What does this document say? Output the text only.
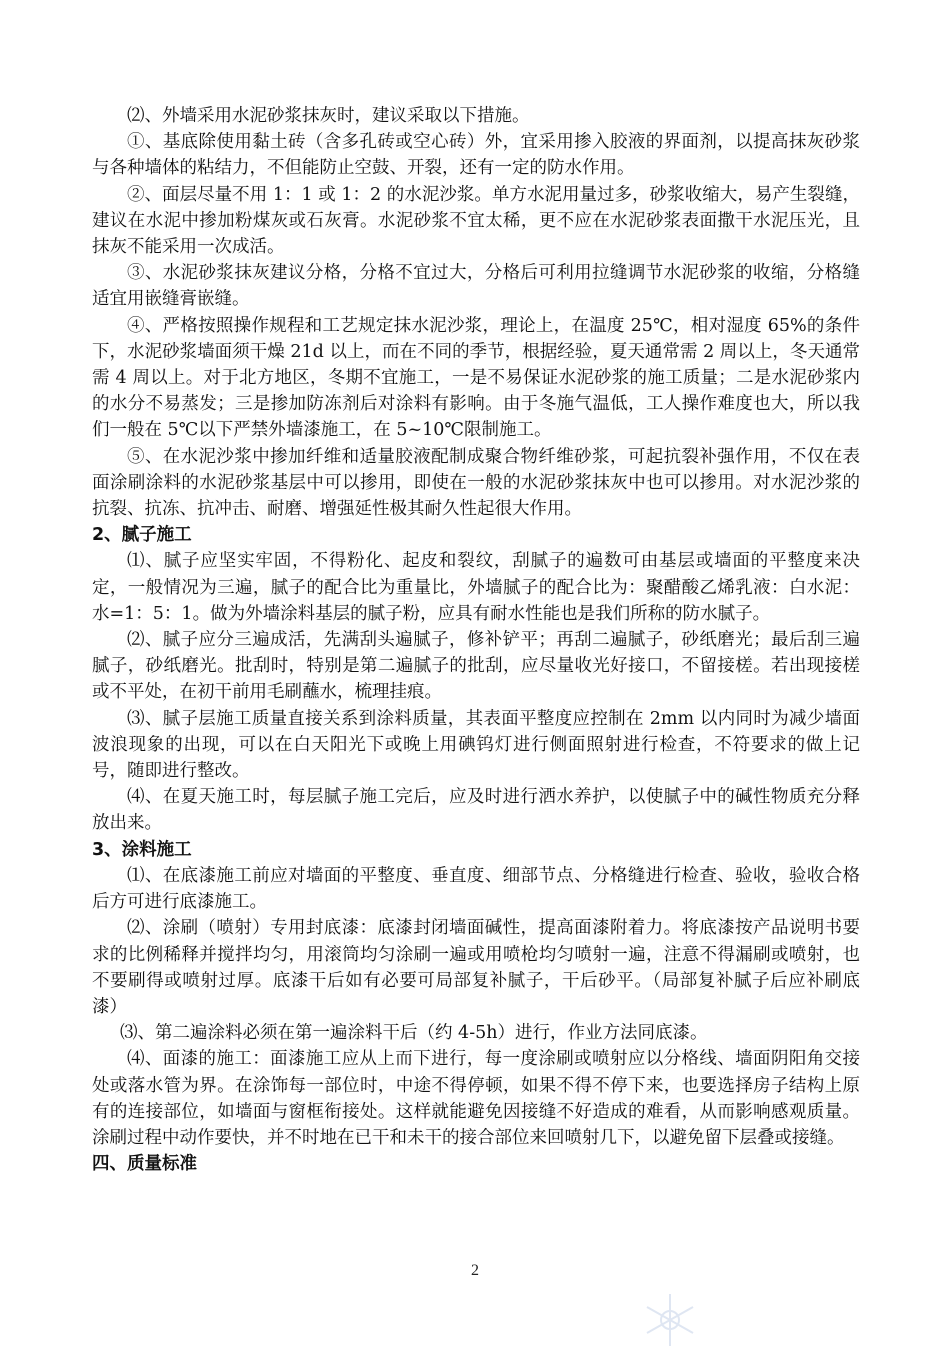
⑵、外墙采用水泥砂浆抹灰时，建议采取以下措施。

①、基底除使用黏土砖（含多孔砖或空心砖）外，宜采用掺入胶液的界面剂，以提高抹灰砂浆与各种墙体的粘结力，不但能防止空鼓、开裂，还有一定的防水作用。

②、面层尽量不用 1：1 或 1：2 的水泥沙浆。单方水泥用量过多，砂浆收缩大，易产生裂缝，建议在水泥中掺加粉煤灰或石灰膏。水泥砂浆不宜太稀，更不应在水泥砂浆表面撒干水泥压光，且抹灰不能采用一次成活。

③、水泥砂浆抹灰建议分格，分格不宜过大，分格后可利用拉缝调节水泥砂浆的收缩，分格缝适宜用嵌缝膏嵌缝。

④、严格按照操作规程和工艺规定抹水泥沙浆，理论上，在温度 25℃，相对湿度 65%的条件下，水泥砂浆墙面须干燥 21d 以上，而在不同的季节，根据经验，夏天通常需 2 周以上，冬天通常需 4 周以上。对于北方地区，冬期不宜施工，一是不易保证水泥砂浆的施工质量；二是水泥砂浆内的水分不易蒸发；三是掺加防冻剂后对涂料有影响。由于冬施气温低，工人操作难度也大，所以我们一般在 5℃以下严禁外墙漆施工，在 5~10℃限制施工。

⑤、在水泥沙浆中掺加纤维和适量胶液配制成聚合物纤维砂浆，可起抗裂补强作用，不仅在表面涂刷涂料的水泥砂浆基层中可以掺用，即使在一般的水泥砂浆抹灰中也可以掺用。对水泥沙浆的抗裂、抗冻、抗冲击、耐磨、增强延性极其耐久性起很大作用。

2、腻子施工

⑴、腻子应坚实牢固，不得粉化、起皮和裂纹，刮腻子的遍数可由基层或墙面的平整度来决定，一般情况为三遍，腻子的配合比为重量比，外墙腻子的配合比为：聚醋酸乙烯乳液：白水泥：水=1：5：1。做为外墙涂料基层的腻子粉，应具有耐水性能也是我们所称的防水腻子。

⑵、腻子应分三遍成活，先满刮头遍腻子，修补铲平；再刮二遍腻子，砂纸磨光；最后刮三遍腻子，砂纸磨光。批刮时，特别是第二遍腻子的批刮，应尽量收光好接口，不留接槎。若出现接槎或不平处，在初干前用毛刷蘸水，梳理挂痕。

⑶、腻子层施工质量直接关系到涂料质量，其表面平整度应控制在 2mm 以内同时为减少墙面波浪现象的出现，可以在白天阳光下或晚上用碘钨灯进行侧面照射进行检查，不符要求的做上记号，随即进行整改。

⑷、在夏天施工时，每层腻子施工完后，应及时进行洒水养护，以使腻子中的碱性物质充分释放出来。

3、涂料施工

⑴、在底漆施工前应对墙面的平整度、垂直度、细部节点、分格缝进行检查、验收，验收合格后方可进行底漆施工。

⑵、涂刷（喷射）专用封底漆：底漆封闭墙面碱性，提高面漆附着力。将底漆按产品说明书要求的比例稀释并搅拌均匀，用滚筒均匀涂刷一遍或用喷枪均匀喷射一遍，注意不得漏刷或喷射，也不要刷得或喷射过厚。底漆干后如有必要可局部复补腻子，干后砂平。（局部复补腻子后应补刷底漆）

⑶、第二遍涂料必须在第一遍涂料干后（约 4-5h）进行，作业方法同底漆。

⑷、面漆的施工：面漆施工应从上而下进行，每一度涂刷或喷射应以分格线、墙面阴阳角交接处或落水管为界。在涂饰每一部位时，中途不得停顿，如果不得不停下来，也要选择房子结构上原有的连接部位，如墙面与窗框衔接处。这样就能避免因接缝不好造成的难看，从而影响感观质量。涂刷过程中动作要快，并不时地在已干和未干的接合部位来回喷射几下，以避免留下层叠或接缝。

四、质量标准

2
